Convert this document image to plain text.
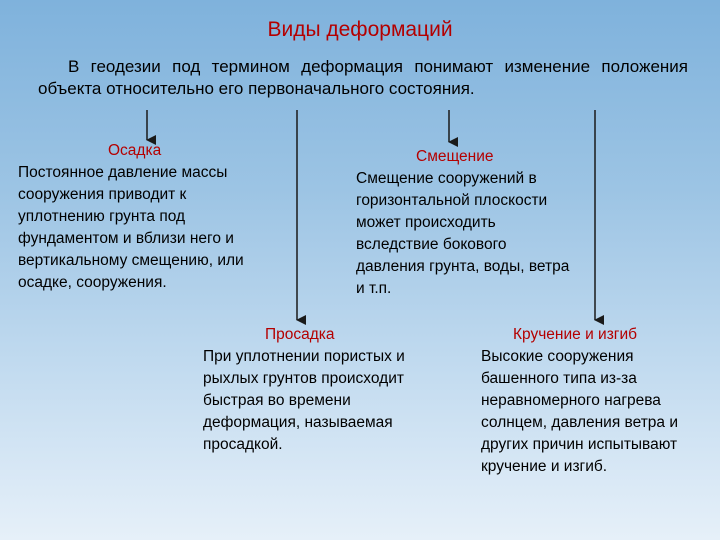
Виды деформаций
В геодезии под термином деформация понимают изменение положения объекта относительно его первоначального состояния.
Осадка
Постоянное давление массы сооружения приводит к уплотнению грунта под фундаментом и вблизи него и вертикальному смещению, или осадке, сооружения.
Смещение
Смещение сооружений в горизонтальной плоскости может происходить вследствие бокового давления грунта, воды, ветра и т.п.
Просадка
При уплотнении пористых и рыхлых грунтов происходит быстрая во времени деформация, называемая просадкой.
Кручение и изгиб
Высокие сооружения башенного типа из-за неравномерного нагрева солнцем, давления ветра и других причин испытывают кручение и изгиб.
